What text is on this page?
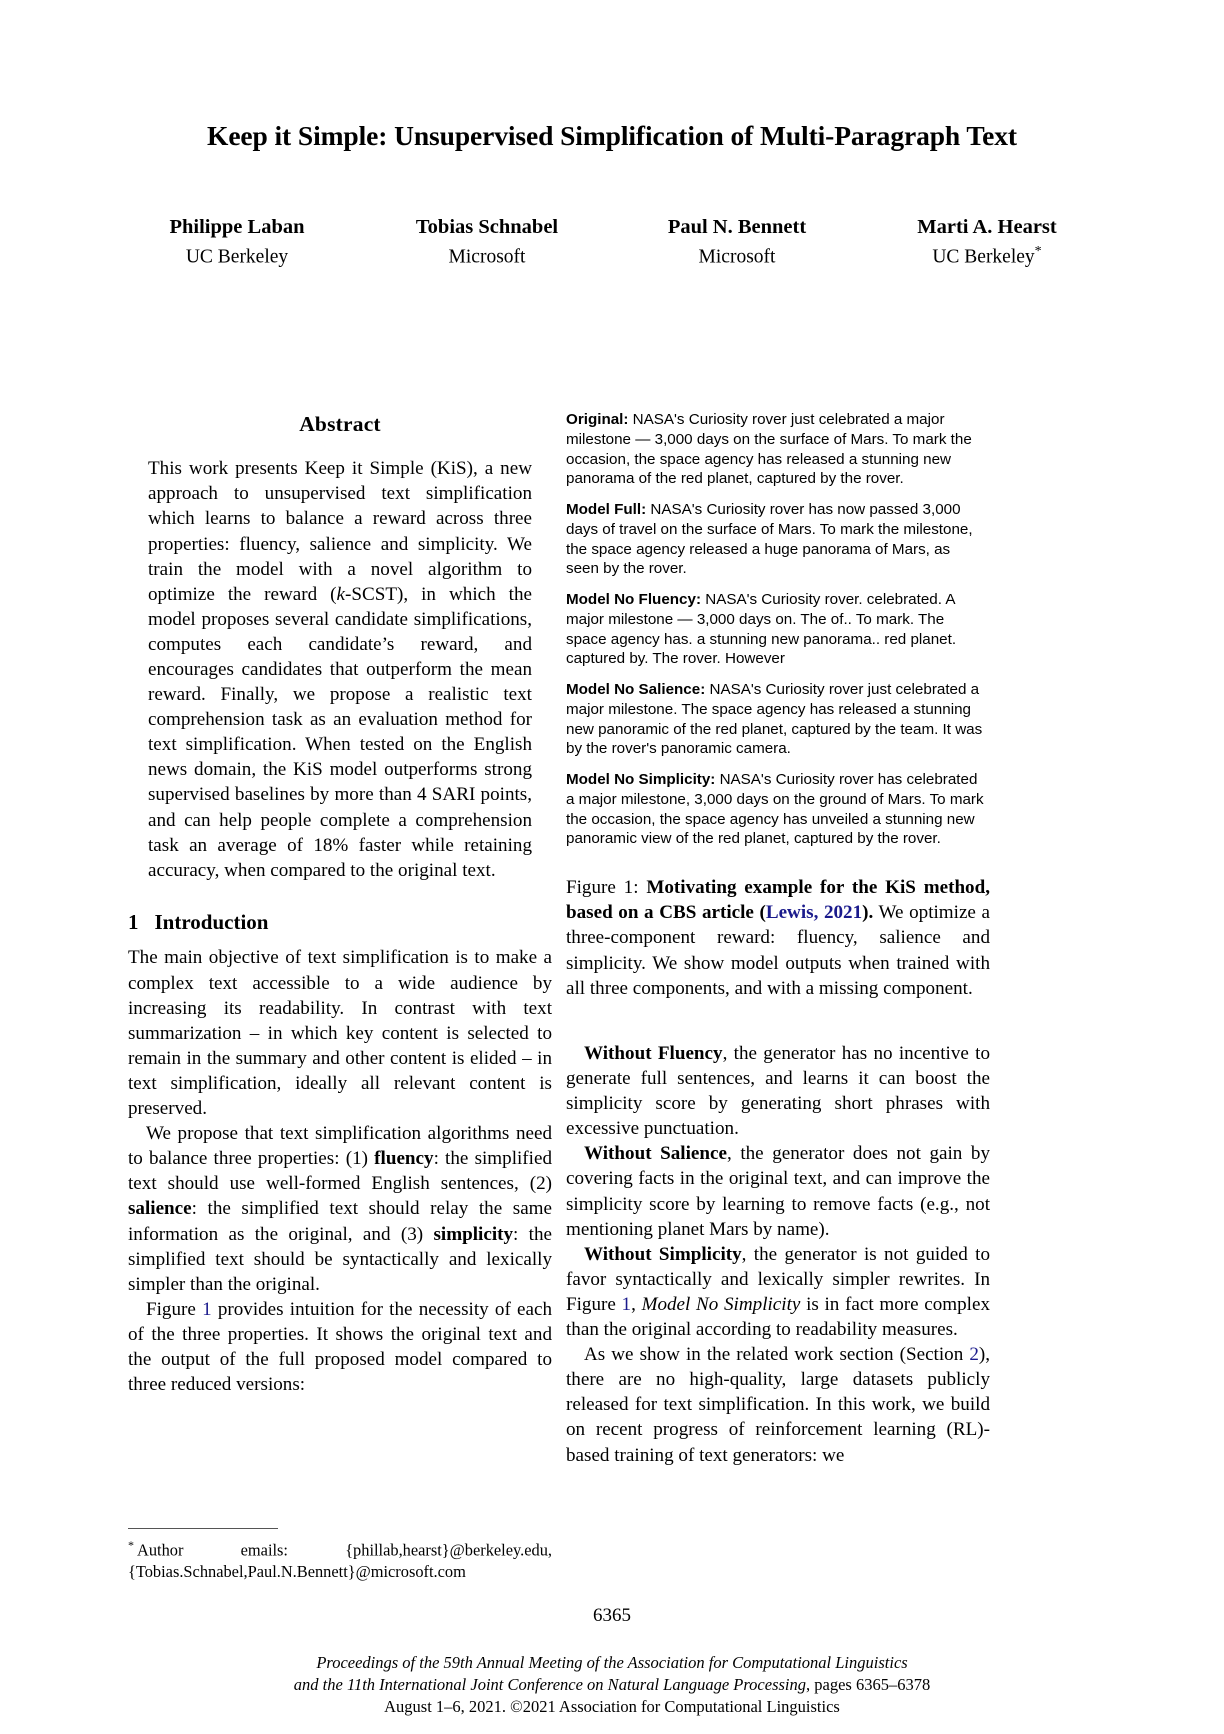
Keep it Simple: Unsupervised Simplification of Multi-Paragraph Text
Philippe Laban
UC Berkeley
Tobias Schnabel
Microsoft
Paul N. Bennett
Microsoft
Marti A. Hearst
UC Berkeley*
Abstract
This work presents Keep it Simple (KiS), a new approach to unsupervised text simplification which learns to balance a reward across three properties: fluency, salience and simplicity. We train the model with a novel algorithm to optimize the reward (k-SCST), in which the model proposes several candidate simplifications, computes each candidate’s reward, and encourages candidates that outperform the mean reward. Finally, we propose a realistic text comprehension task as an evaluation method for text simplification. When tested on the English news domain, the KiS model outperforms strong supervised baselines by more than 4 SARI points, and can help people complete a comprehension task an average of 18% faster while retaining accuracy, when compared to the original text.
1 Introduction

The main objective of text simplification is to make a complex text accessible to a wide audience by increasing its readability. In contrast with text summarization – in which key content is selected to remain in the summary and other content is elided – in text simplification, ideally all relevant content is preserved.

We propose that text simplification algorithms need to balance three properties: (1) fluency: the simplified text should use well-formed English sentences, (2) salience: the simplified text should relay the same information as the original, and (3) simplicity: the simplified text should be syntactically and lexically simpler than the original.

Figure 1 provides intuition for the necessity of each of the three properties. It shows the original text and the output of the full proposed model compared to three reduced versions:

* Author emails: {phillab,hearst}@berkeley.edu, {Tobias.Schnabel,Paul.N.Bennett}@microsoft.com

Original: NASA's Curiosity rover just celebrated a major milestone — 3,000 days on the surface of Mars. To mark the occasion, the space agency has released a stunning new panorama of the red planet, captured by the rover.

Model Full: NASA's Curiosity rover has now passed 3,000 days of travel on the surface of Mars. To mark the milestone, the space agency released a huge panorama of Mars, as seen by the rover.

Model No Fluency: NASA's Curiosity rover. celebrated. A major milestone — 3,000 days on. The of.. To mark. The space agency has. a stunning new panorama.. red planet. captured by. The rover. However

Model No Salience: NASA's Curiosity rover just celebrated a major milestone. The space agency has released a stunning new panoramic of the red planet, captured by the team. It was by the rover's panoramic camera.

Model No Simplicity: NASA's Curiosity rover has celebrated a major milestone, 3,000 days on the ground of Mars. To mark the occasion, the space agency has unveiled a stunning new panoramic view of the red planet, captured by the rover.

Figure 1: Motivating example for the KiS method, based on a CBS article (Lewis, 2021). We optimize a three-component reward: fluency, salience and simplicity. We show model outputs when trained with all three components, and with a missing component.

Without Fluency, the generator has no incentive to generate full sentences, and learns it can boost the simplicity score by generating short phrases with excessive punctuation.

Without Salience, the generator does not gain by covering facts in the original text, and can improve the simplicity score by learning to remove facts (e.g., not mentioning planet Mars by name).

Without Simplicity, the generator is not guided to favor syntactically and lexically simpler rewrites. In Figure 1, Model No Simplicity is in fact more complex than the original according to readability measures.

As we show in the related work section (Section 2), there are no high-quality, large datasets publicly released for text simplification. In this work, we build on recent progress of reinforcement learning (RL)-based training of text generators: we

6365
Proceedings of the 59th Annual Meeting of the Association for Computational Linguistics
and the 11th International Joint Conference on Natural Language Processing, pages 6365–6378
August 1–6, 2021. ©2021 Association for Computational Linguistics
